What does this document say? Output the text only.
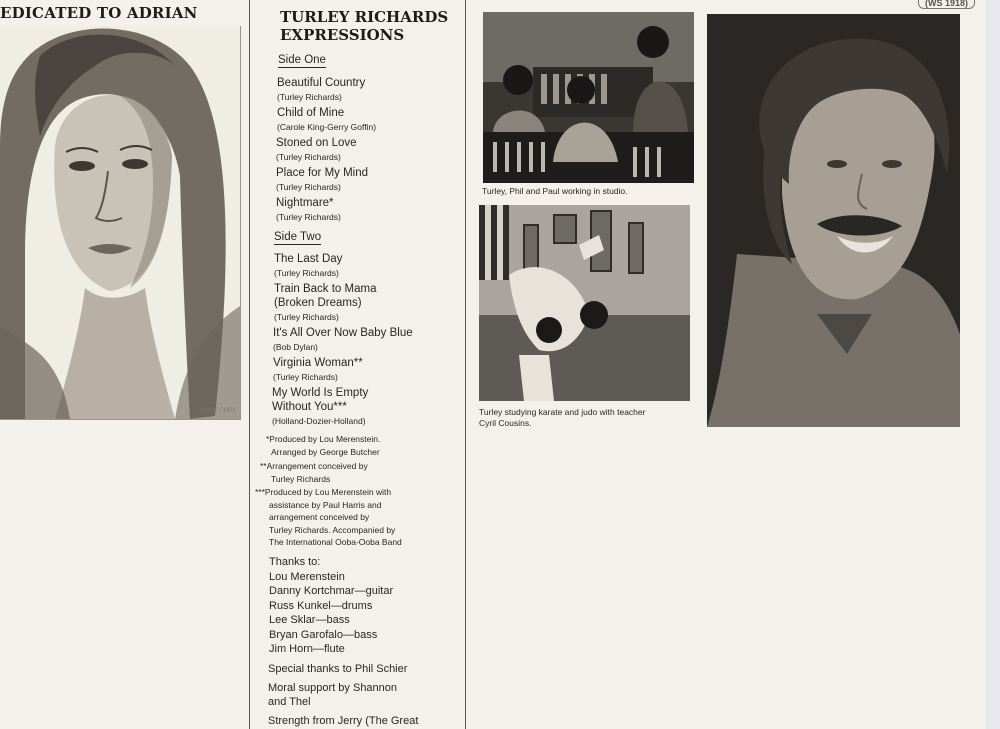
(WS 1918)
EDICATED TO ADRIAN
SANDE / 1971
TURLEY RICHARDS
EXPRESSIONS
Side One
Beautiful Country
(Turley Richards)
Child of Mine
(Carole King-Gerry Goffin)
Stoned on Love
(Turley Richards)
Place for My Mind
(Turley Richards)
Nightmare*
(Turley Richards)
Side Two
The Last Day
(Turley Richards)
Train Back to Mama
(Broken Dreams)
(Turley Richards)
It's All Over Now Baby Blue
(Bob Dylan)
Virginia Woman**
(Turley Richards)
My World Is Empty
Without You***
(Holland-Dozier-Holland)
*Produced by Lou Merenstein.
Arranged by George Butcher
**Arrangement conceived by
Turley Richards
***Produced by Lou Merenstein with
assistance by Paul Harris and
arrangement conceived by
Turley Richards. Accompanied by
The International Ooba-Ooba Band
Thanks to:
Lou Merenstein
Danny Kortchmar—guitar
Russ Kunkel—drums
Lee Sklar—bass
Bryan Garofalo—bass
Jim Horn—flute
Special thanks to Phil Schier
Moral support by Shannon
and Thel
Strength from Jerry (The Great
Turley, Phil and Paul working in studio.
Turley studying karate and judo with teacher
Cyril Cousins.
